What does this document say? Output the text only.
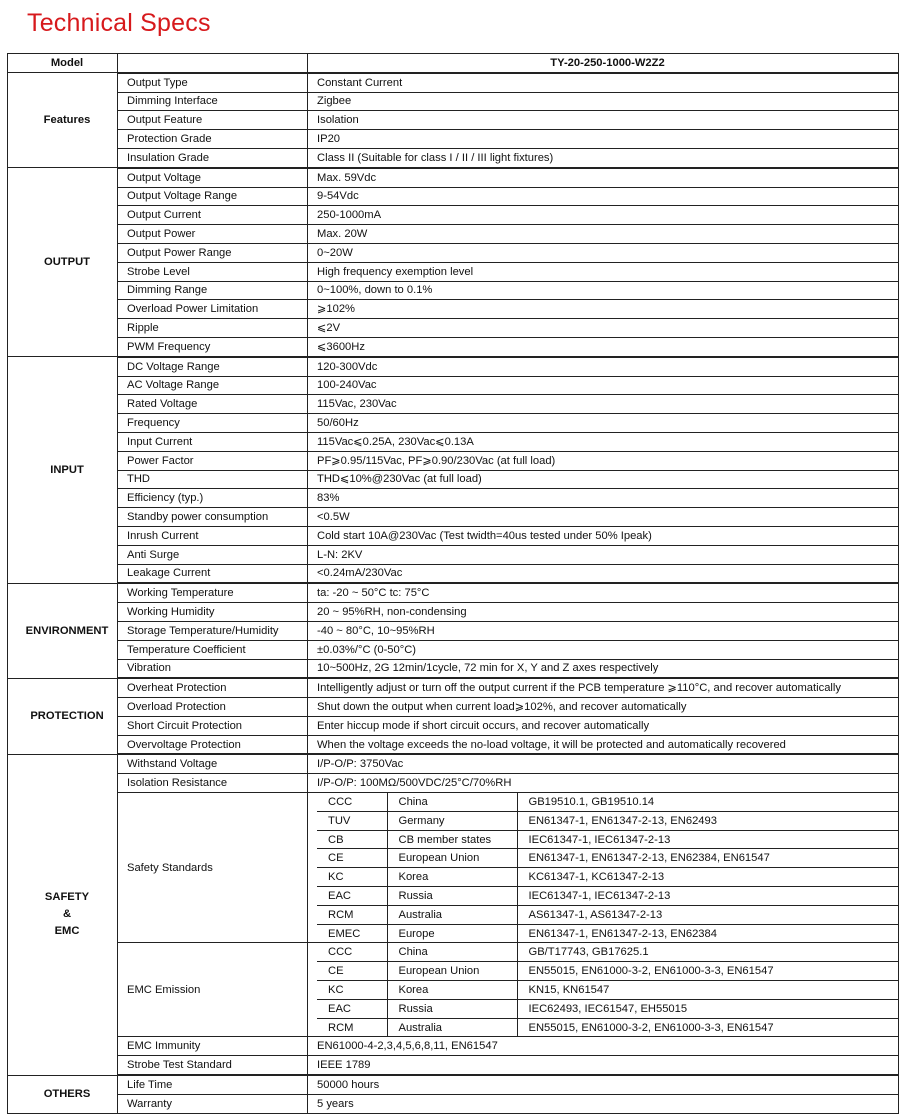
Technical Specs
Model		TY-20-250-1000-W2Z2
Features	Output Type	Constant Current
Dimming Interface	Zigbee
Output Feature	Isolation
Protection Grade	IP20
Insulation Grade	Class II (Suitable for class I / II / III light fixtures)
OUTPUT	Output Voltage	Max. 59Vdc
Output Voltage Range	9-54Vdc
Output Current	250-1000mA
Output Power	Max. 20W
Output Power Range	0~20W
Strobe Level	High frequency exemption level
Dimming Range	0~100%, down to 0.1%
Overload Power Limitation	⩾102%
Ripple	⩽2V
PWM Frequency	⩽3600Hz
INPUT	DC Voltage Range	120-300Vdc
AC Voltage Range	100-240Vac
Rated Voltage	115Vac, 230Vac
Frequency	50/60Hz
Input Current	115Vac⩽0.25A, 230Vac⩽0.13A
Power Factor	PF⩾0.95/115Vac, PF⩾0.90/230Vac (at full load)
THD	THD⩽10%@230Vac (at full load)
Efficiency (typ.)	83%
Standby power consumption	<0.5W
Inrush Current	Cold start 10A@230Vac (Test twidth=40us tested under 50% Ipeak)
Anti Surge	L-N: 2KV
Leakage Current	<0.24mA/230Vac
ENVIRONMENT	Working Temperature	ta: -20 ~ 50°C tc: 75°C
Working Humidity	20 ~ 95%RH, non-condensing
Storage Temperature/Humidity	-40 ~ 80°C, 10~95%RH
Temperature Coefficient	±0.03%/°C (0-50°C)
Vibration	10~500Hz, 2G 12min/1cycle, 72 min for X, Y and Z axes respectively
PROTECTION	Overheat Protection	Intelligently adjust or turn off the output current if the PCB temperature ⩾110°C, and recover automatically
Overload Protection	Shut down the output when current load⩾102%, and recover automatically
Short Circuit Protection	Enter hiccup mode if short circuit occurs, and recover automatically
Overvoltage Protection	When the voltage exceeds the no-load voltage, it will be protected and automatically recovered

SAFETY
&
EMC
	Withstand Voltage	I/P-O/P: 3750Vac
Isolation Resistance	I/P-O/P: 100MΩ/500VDC/25°C/70%RH
Safety Standards	
CCC	China	GB19510.1, GB19510.14
TUV	Germany	EN61347-1, EN61347-2-13, EN62493
CB	CB member states	IEC61347-1, IEC61347-2-13
CE	European Union	EN61347-1, EN61347-2-13, EN62384, EN61547
KC	Korea	KC61347-1, KC61347-2-13
EAC	Russia	IEC61347-1, IEC61347-2-13
RCM	Australia	AS61347-1, AS61347-2-13
EMEC	Europe	EN61347-1, EN61347-2-13, EN62384

EMC Emission	
CCC	China	GB/T17743, GB17625.1
CE	European Union	EN55015, EN61000-3-2, EN61000-3-3, EN61547
KC	Korea	KN15, KN61547
EAC	Russia	IEC62493, IEC61547, EH55015
RCM	Australia	EN55015, EN61000-3-2, EN61000-3-3, EN61547

EMC Immunity	EN61000-4-2,3,4,5,6,8,11, EN61547
Strobe Test Standard	IEEE 1789
OTHERS	Life Time	50000 hours
Warranty	5 years
